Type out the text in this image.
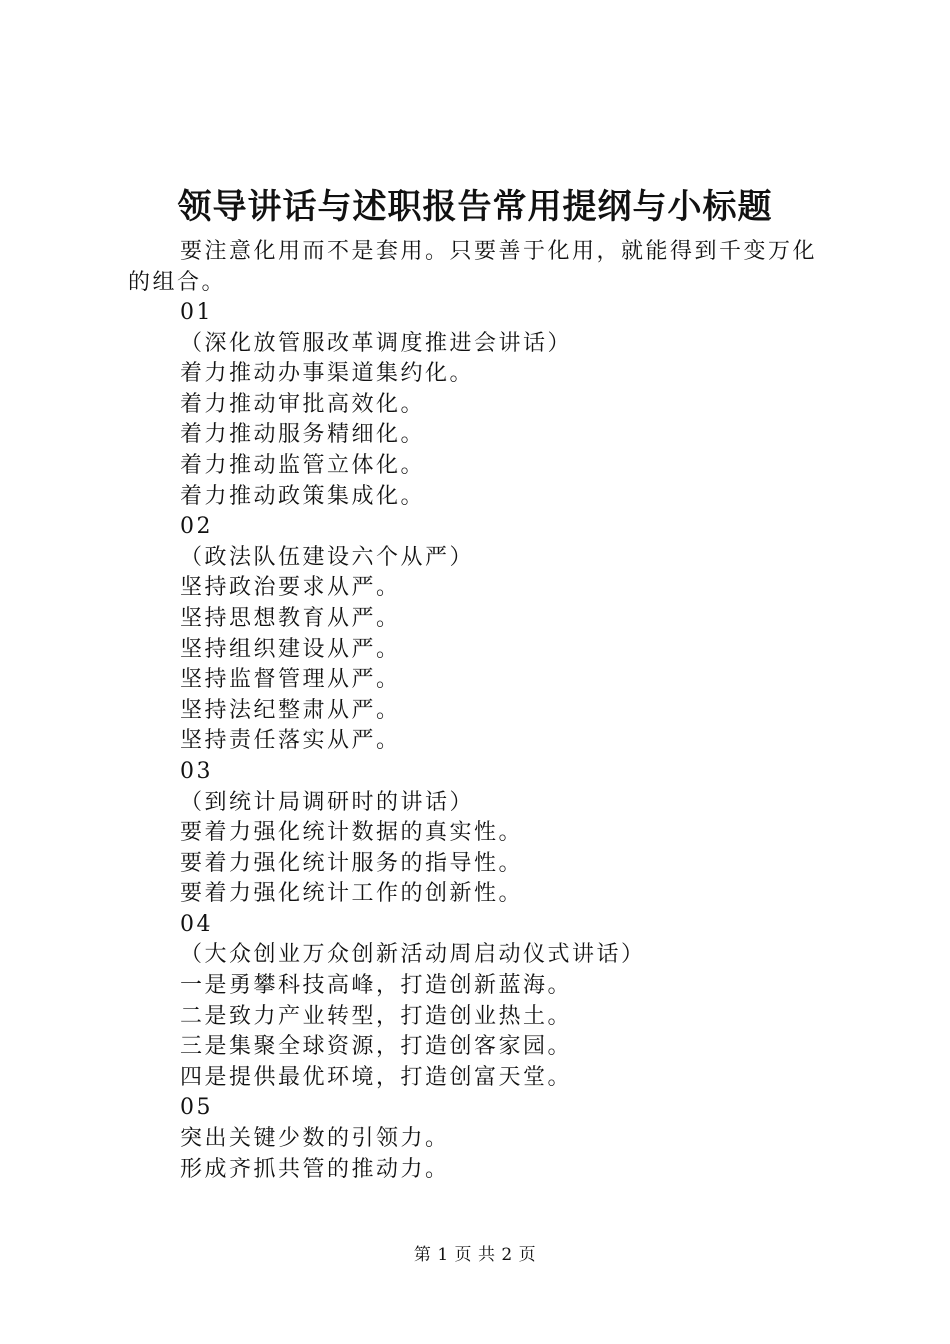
领导讲话与述职报告常用提纲与小标题
要注意化用而不是套用。只要善于化用，就能得到千变万化的组合。
01
（深化放管服改革调度推进会讲话）
着力推动办事渠道集约化。
着力推动审批高效化。
着力推动服务精细化。
着力推动监管立体化。
着力推动政策集成化。
02
（政法队伍建设六个从严）
坚持政治要求从严。
坚持思想教育从严。
坚持组织建设从严。
坚持监督管理从严。
坚持法纪整肃从严。
坚持责任落实从严。
03
（到统计局调研时的讲话）
要着力强化统计数据的真实性。
要着力强化统计服务的指导性。
要着力强化统计工作的创新性。
04
（大众创业万众创新活动周启动仪式讲话）
一是勇攀科技高峰，打造创新蓝海。
二是致力产业转型，打造创业热土。
三是集聚全球资源，打造创客家园。
四是提供最优环境，打造创富天堂。
05
突出关键少数的引领力。
形成齐抓共管的推动力。
第 1 页 共 2 页
